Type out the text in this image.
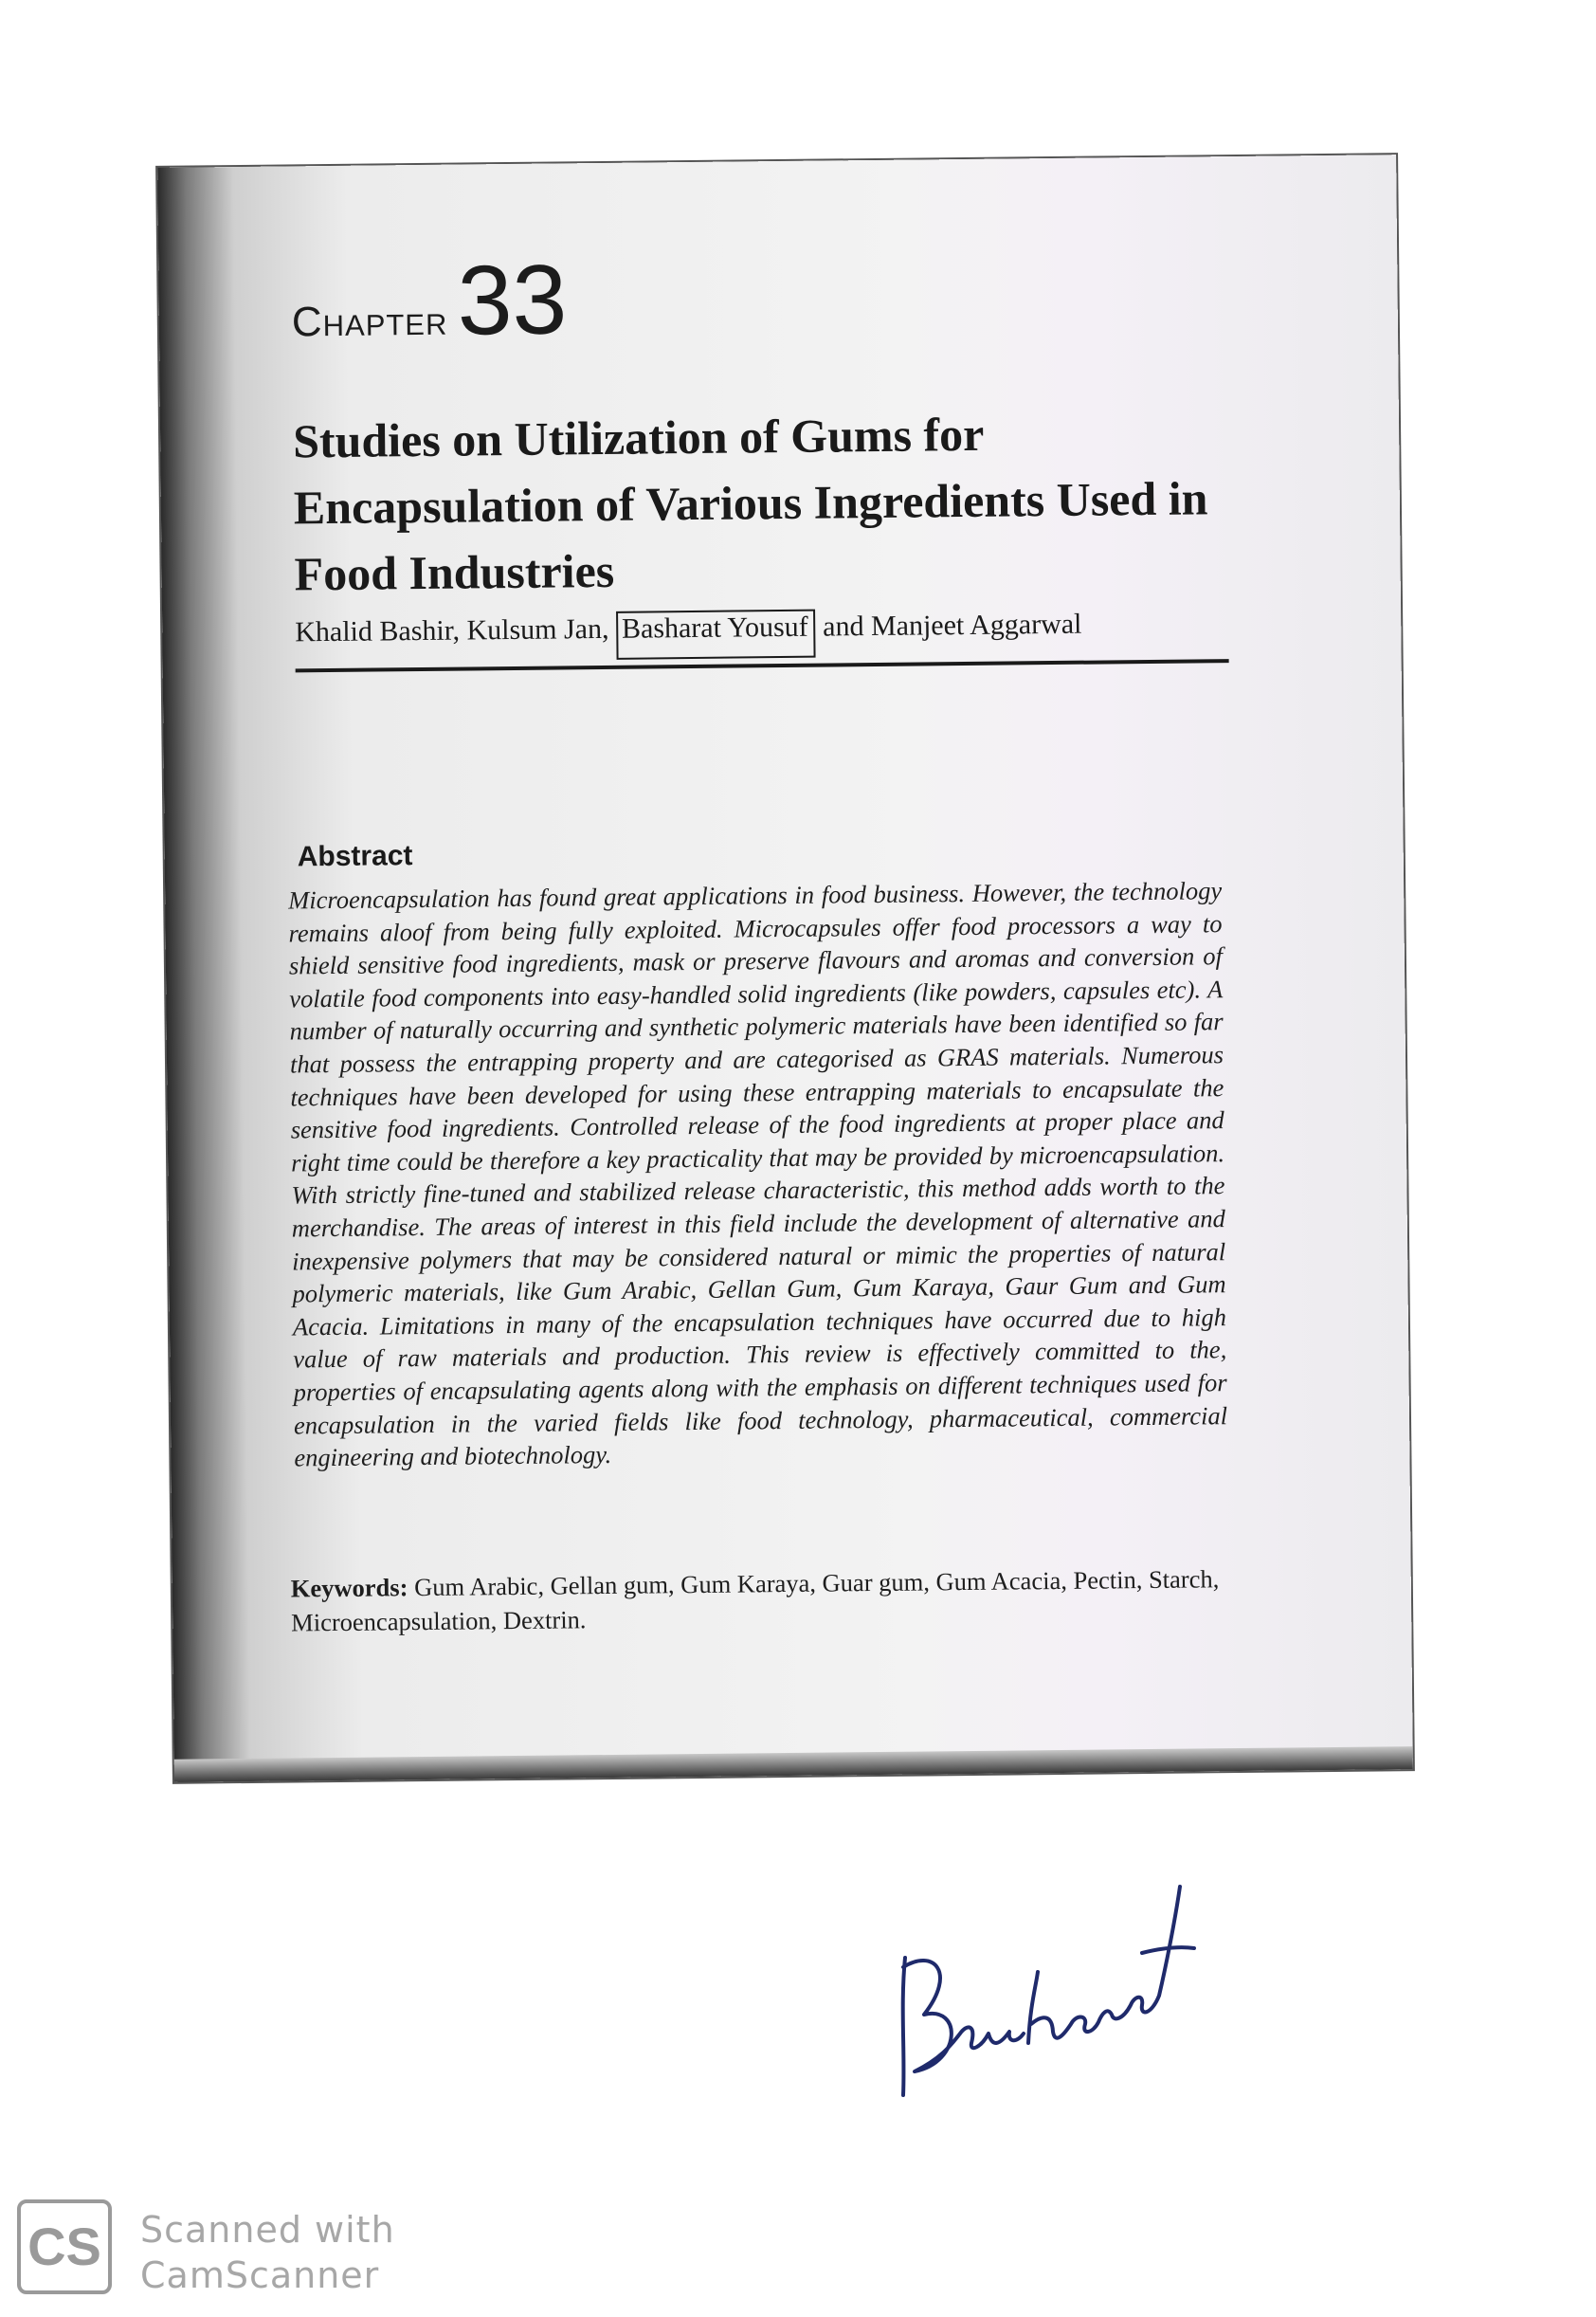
Chapter 33
Studies on Utilization of Gums for Encapsulation of Various Ingredients Used in Food Industries
Khalid Bashir, Kulsum Jan, Basharat Yousuf and Manjeet Aggarwal
Abstract
Microencapsulation has found great applications in food business. However, the technology remains aloof from being fully exploited. Microcapsules offer food processors a way to shield sensitive food ingredients, mask or preserve flavours and aromas and conversion of volatile food components into easy-handled solid ingredients (like powders, capsules etc). A number of naturally occurring and synthetic polymeric materials have been identified so far that possess the entrapping property and are categorised as GRAS materials. Numerous techniques have been developed for using these entrapping materials to encapsulate the sensitive food ingredients. Controlled release of the food ingredients at proper place and right time could be therefore a key practicality that may be provided by microencapsulation. With strictly fine-tuned and stabilized release characteristic, this method adds worth to the merchandise. The areas of interest in this field include the development of alternative and inexpensive polymers that may be considered natural or mimic the properties of natural polymeric materials, like Gum Arabic, Gellan Gum, Gum Karaya, Gaur Gum and Gum Acacia. Limitations in many of the encapsulation techniques have occurred due to high value of raw materials and production. This review is effectively committed to the, properties of encapsulating agents along with the emphasis on different techniques used for encapsulation in the varied fields like food technology, pharmaceutical, commercial engineering and biotechnology.
Keywords: Gum Arabic, Gellan gum, Gum Karaya, Guar gum, Gum Acacia, Pectin, Starch, Microencapsulation, Dextrin.
CS Scanned with
CamScanner
